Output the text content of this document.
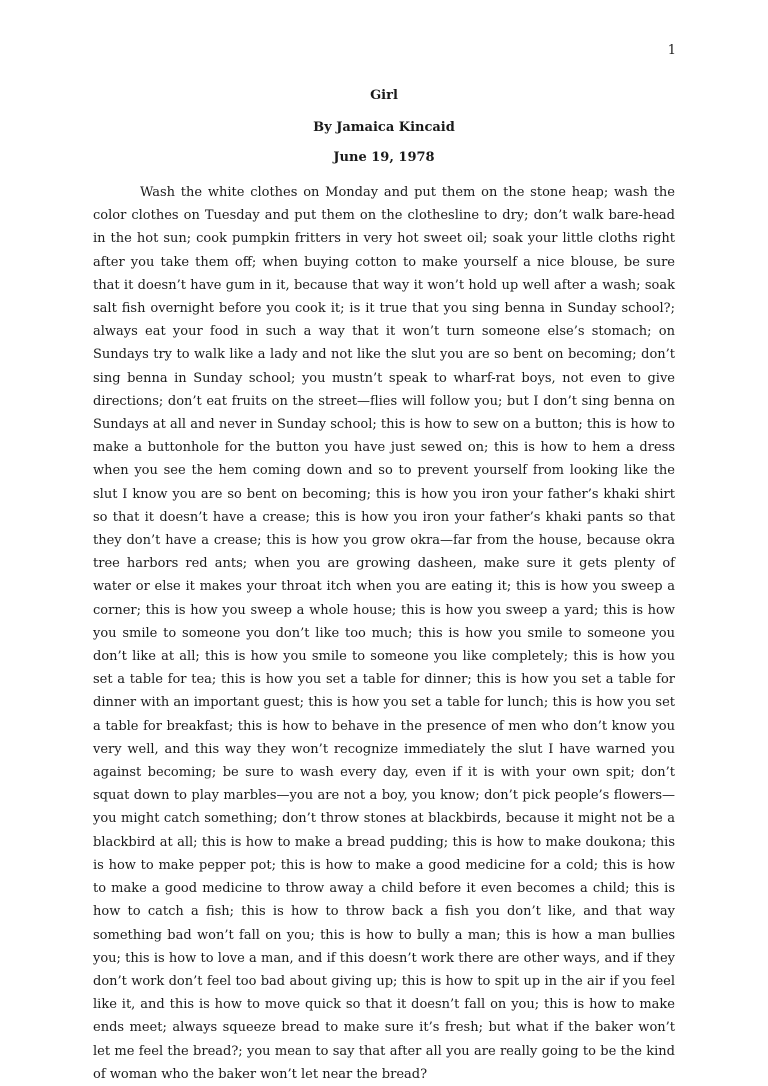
1
Girl
By Jamaica Kincaid
June 19, 1978

Wash the white clothes on Monday and put them on the stone heap; wash the color clothes on Tuesday and put them on the clothesline to dry; don’t walk bare-head in the hot sun; cook pumpkin fritters in very hot sweet oil; soak your little cloths right after you take them off; when buying cotton to make yourself a nice blouse, be sure that it doesn’t have gum in it, because that way it won’t hold up well after a wash; soak salt fish overnight before you cook it; is it true that you sing benna in Sunday school?; always eat your food in such a way that it won’t turn someone else’s stomach; on Sundays try to walk like a lady and not like the slut you are so bent on becoming; don’t sing benna in Sunday school; you mustn’t speak to wharf-rat boys, not even to give directions; don’t eat fruits on the street—flies will follow you; but I don’t sing benna on Sundays at all and never in Sunday school; this is how to sew on a button; this is how to make a buttonhole for the button you have just sewed on; this is how to hem a dress when you see the hem coming down and so to prevent yourself from looking like the slut I know you are so bent on becoming; this is how you iron your father’s khaki shirt so that it doesn’t have a crease; this is how you iron your father’s khaki pants so that they don’t have a crease; this is how you grow okra—far from the house, because okra tree harbors red ants; when you are growing dasheen, make sure it gets plenty of water or else it makes your throat itch when you are eating it; this is how you sweep a corner; this is how you sweep a whole house; this is how you sweep a yard; this is how you smile to someone you don’t like too much; this is how you smile to someone you don’t like at all; this is how you smile to someone you like completely; this is how you set a table for tea; this is how you set a table for dinner; this is how you set a table for dinner with an important guest; this is how you set a table for lunch; this is how you set a table for breakfast; this is how to behave in the presence of men who don’t know you very well, and this way they won’t recognize immediately the slut I have warned you against becoming; be sure to wash every day, even if it is with your own spit; don’t squat down to play marbles—you are not a boy, you know; don’t pick people’s flowers—you might catch something; don’t throw stones at blackbirds, because it might not be a blackbird at all; this is how to make a bread pudding; this is how to make doukona; this is how to make pepper pot; this is how to make a good medicine for a cold; this is how to make a good medicine to throw away a child before it even becomes a child; this is how to catch a fish; this is how to throw back a fish you don’t like, and that way something bad won’t fall on you; this is how to bully a man; this is how a man bullies you; this is how to love a man, and if this doesn’t work there are other ways, and if they don’t work don’t feel too bad about giving up; this is how to spit up in the air if you feel like it, and this is how to move quick so that it doesn’t fall on you; this is how to make ends meet; always squeeze bread to make sure it’s fresh; but what if the baker won’t let me feel the bread?; you mean to say that after all you are really going to be the kind of woman who the baker won’t let near the bread?
